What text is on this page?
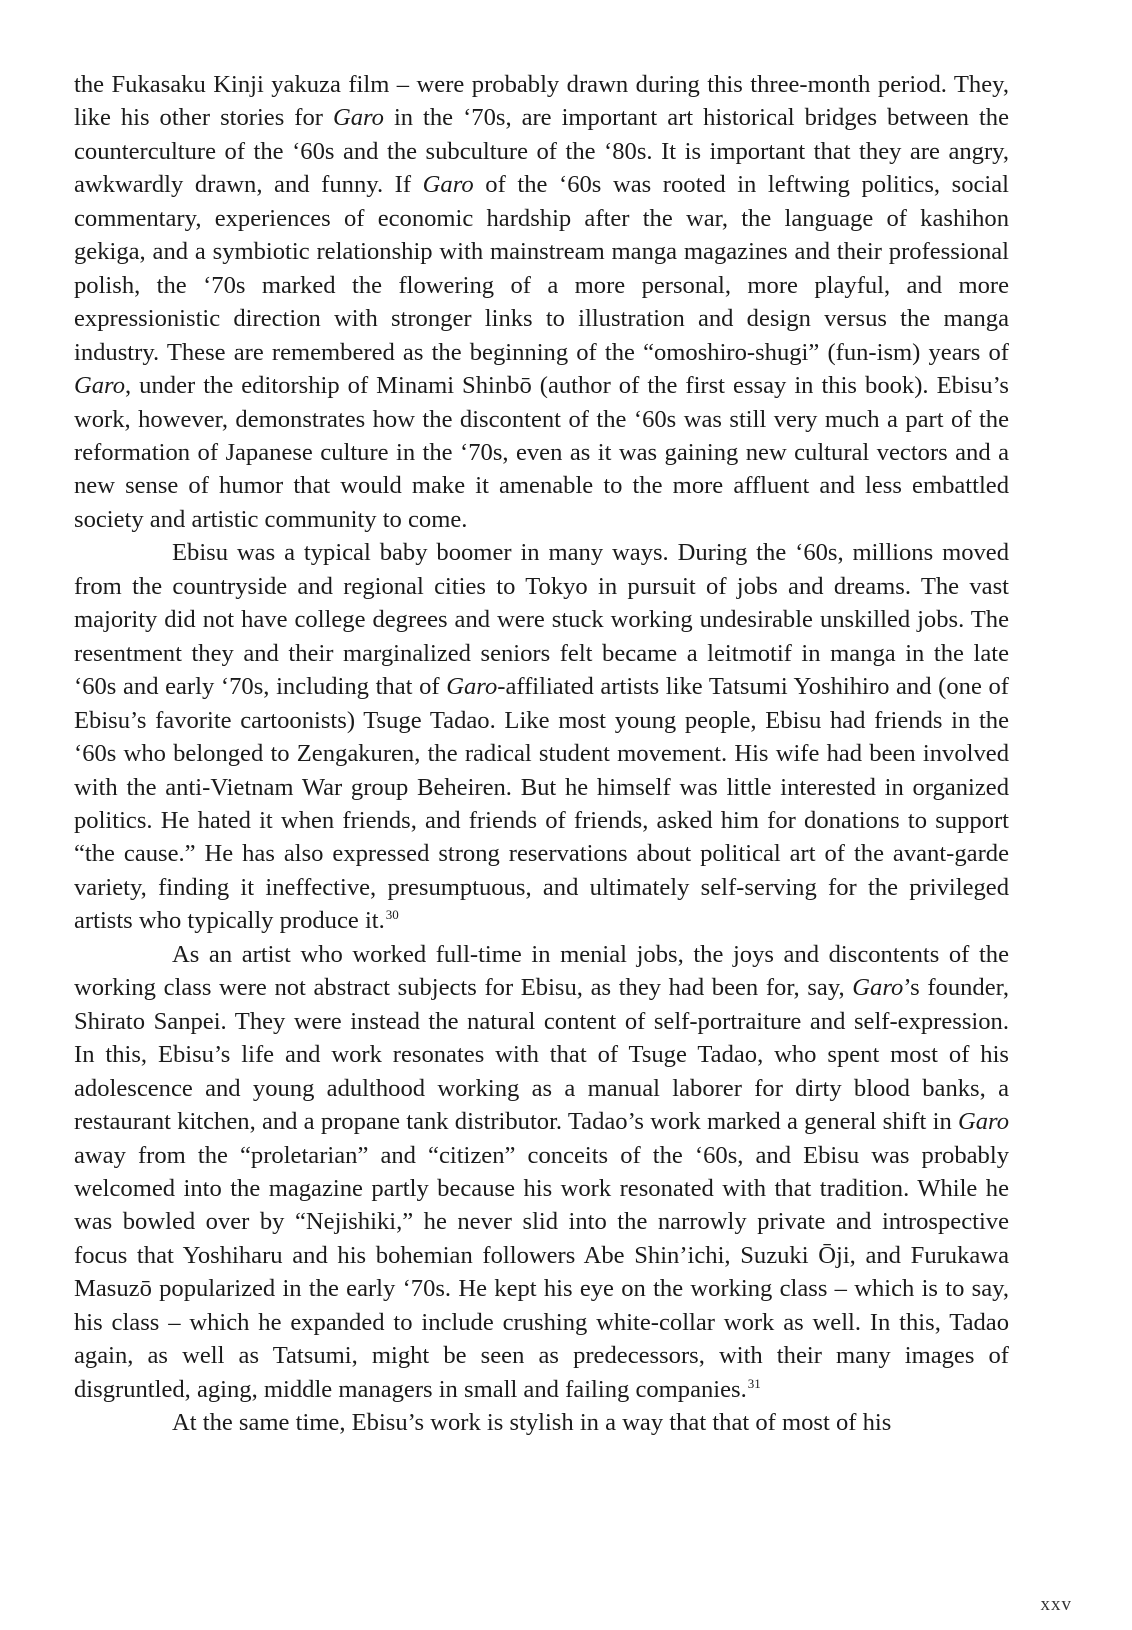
the Fukasaku Kinji yakuza film – were probably drawn during this three-month period. They, like his other stories for Garo in the ‘70s, are important art historical bridges between the counterculture of the ‘60s and the subculture of the ‘80s. It is important that they are angry, awkwardly drawn, and funny. If Garo of the ‘60s was rooted in leftwing politics, social commentary, experiences of economic hardship after the war, the language of kashihon gekiga, and a symbiotic relationship with mainstream manga magazines and their professional polish, the ‘70s marked the flowering of a more personal, more playful, and more expressionistic direction with stronger links to illustration and design versus the manga industry. These are remembered as the beginning of the “omoshiro-shugi” (fun-ism) years of Garo, under the editorship of Minami Shinbō (author of the first essay in this book). Ebisu’s work, however, demonstrates how the discontent of the ‘60s was still very much a part of the reformation of Japanese culture in the ‘70s, even as it was gaining new cultural vectors and a new sense of humor that would make it amenable to the more affluent and less embattled society and artistic community to come.

Ebisu was a typical baby boomer in many ways. During the ‘60s, millions moved from the countryside and regional cities to Tokyo in pursuit of jobs and dreams. The vast majority did not have college degrees and were stuck working undesirable unskilled jobs. The resentment they and their marginalized seniors felt became a leitmotif in manga in the late ‘60s and early ‘70s, including that of Garo-affiliated artists like Tatsumi Yoshihiro and (one of Ebisu’s favorite cartoonists) Tsuge Tadao. Like most young people, Ebisu had friends in the ‘60s who belonged to Zengakuren, the radical student movement. His wife had been involved with the anti-Vietnam War group Beheiren. But he himself was little interested in organized politics. He hated it when friends, and friends of friends, asked him for donations to support “the cause.” He has also expressed strong reservations about political art of the avant-garde variety, finding it ineffective, presumptuous, and ultimately self-serving for the privileged artists who typically produce it.$^{30}$

As an artist who worked full-time in menial jobs, the joys and discontents of the working class were not abstract subjects for Ebisu, as they had been for, say, Garo’s founder, Shirato Sanpei. They were instead the natural content of self-portraiture and self-expression. In this, Ebisu’s life and work resonates with that of Tsuge Tadao, who spent most of his adolescence and young adulthood working as a manual laborer for dirty blood banks, a restaurant kitchen, and a propane tank distributor. Tadao’s work marked a general shift in Garo away from the “proletarian” and “citizen” conceits of the ‘60s, and Ebisu was probably welcomed into the magazine partly because his work resonated with that tradition. While he was bowled over by “Nejishiki,” he never slid into the narrowly private and introspective focus that Yoshiharu and his bohemian followers Abe Shin’ichi, Suzuki Ōji, and Furukawa Masuzō popularized in the early ‘70s. He kept his eye on the working class – which is to say, his class – which he expanded to include crushing white-collar work as well. In this, Tadao again, as well as Tatsumi, might be seen as predecessors, with their many images of disgruntled, aging, middle managers in small and failing companies.$^{31}$

At the same time, Ebisu’s work is stylish in a way that that of most of his

xxv
